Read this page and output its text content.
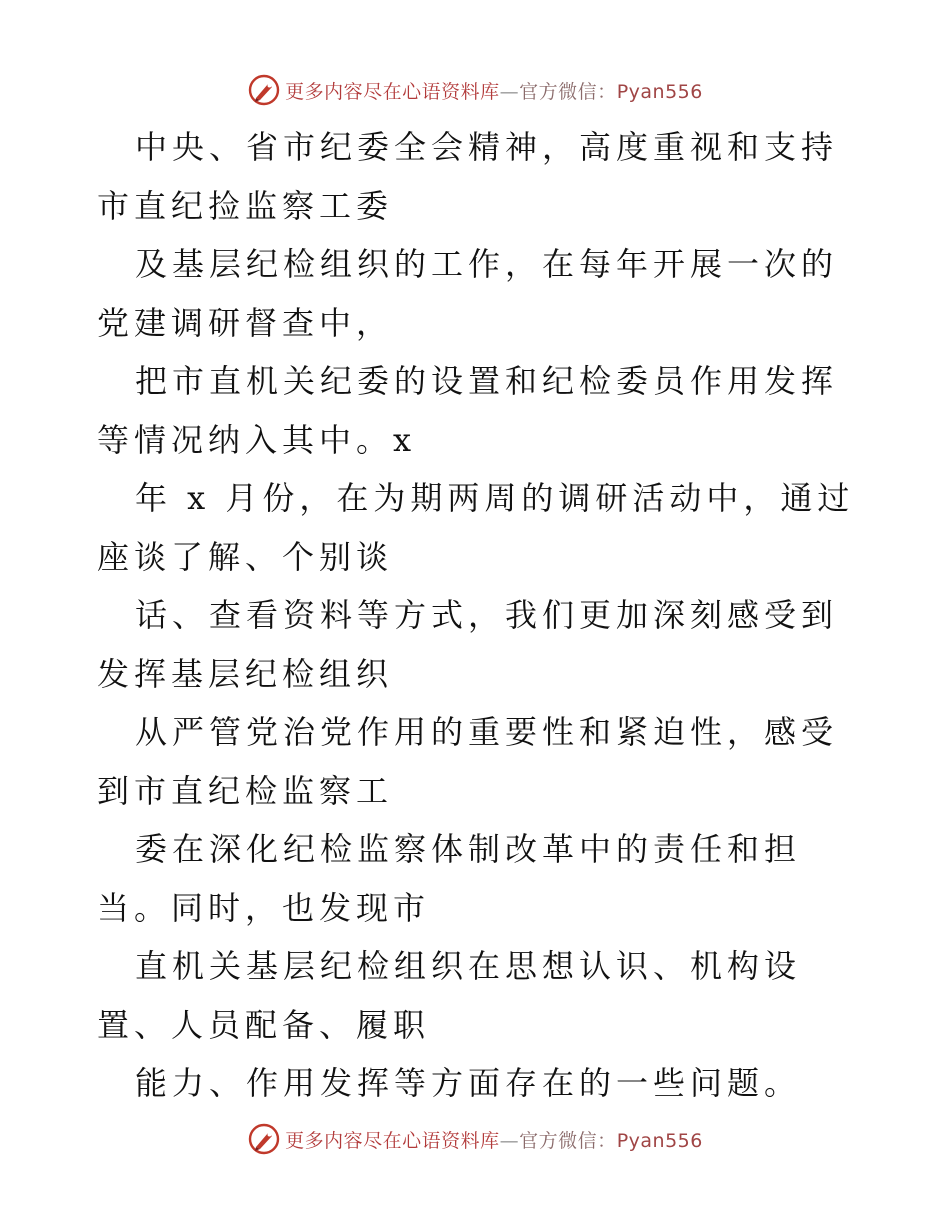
更多内容尽在心语资料库—官方微信：Pyan556

中央、省市纪委全会精神，高度重视和支持市直纪捡监察工委

及基层纪检组织的工作，在每年开展一次的党建调研督查中，

把市直机关纪委的设置和纪检委员作用发挥等情况纳入其中。x

年 x 月份，在为期两周的调研活动中，通过座谈了解、个别谈

话、查看资料等方式，我们更加深刻感受到发挥基层纪检组织

从严管党治党作用的重要性和紧迫性，感受到市直纪检监察工

委在深化纪检监察体制改革中的责任和担当。同时，也发现市

直机关基层纪检组织在思想认识、机构设置、人员配备、履职

能力、作用发挥等方面存在的一些问题。

更多内容尽在心语资料库—官方微信：Pyan556
